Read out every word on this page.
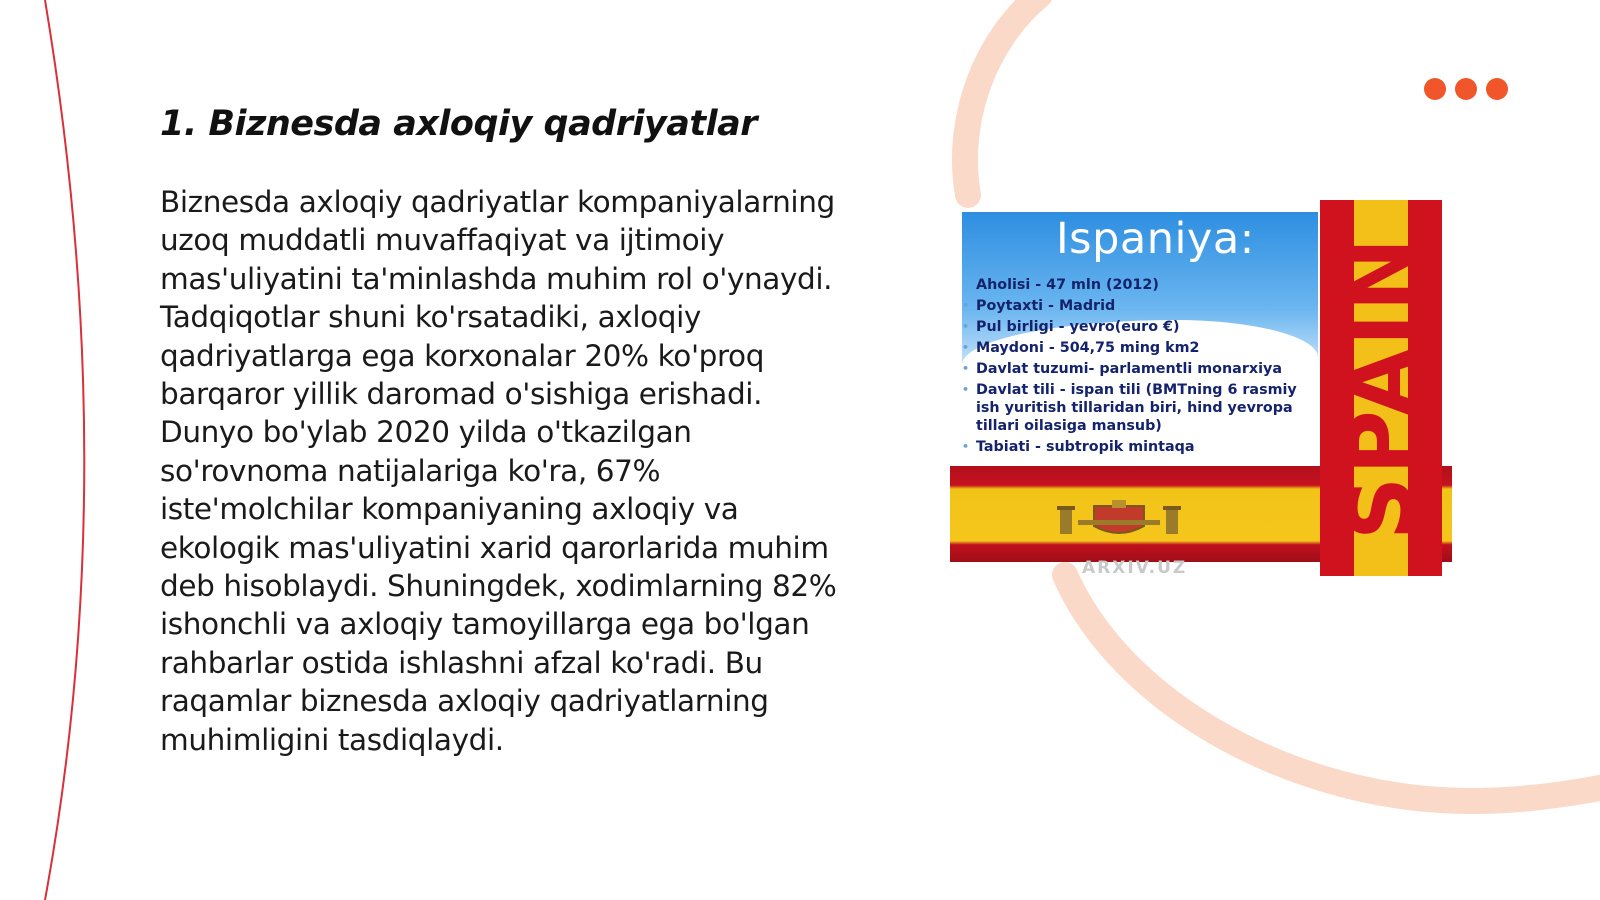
1. Biznesda axloqiy qadriyatlar

Biznesda axloqiy qadriyatlar kompaniyalarning uzoq muddatli muvaffaqiyat va ijtimoiy mas'uliyatini ta'minlashda muhim rol o'ynaydi. Tadqiqotlar shuni ko'rsatadiki, axloqiy qadriyatlarga ega korxonalar 20% ko'proq barqaror yillik daromad o'sishiga erishadi. Dunyo bo'ylab 2020 yilda o'tkazilgan so'rovnoma natijalariga ko'ra, 67% iste'molchilar kompaniyaning axloqiy va ekologik mas'uliyatini xarid qarorlarida muhim deb hisoblaydi. Shuningdek, xodimlarning 82% ishonchli va axloqiy tamoyillarga ega bo'lgan rahbarlar ostida ishlashni afzal ko'radi. Bu raqamlar biznesda axloqiy qadriyatlarning muhimligini tasdiqlaydi.

Ispaniya:
Aholisi - 47 mln (2012)
• Poytaxti - Madrid
• Pul birligi - yevro(euro €)
• Maydoni - 504,75 ming km2
• Davlat tuzumi- parlamentli monarxiya
• Davlat tili - ispan tili (BMTning 6 rasmiy ish yuritish tillaridan biri, hind yevropa tillari oilasiga mansub)
• Tabiati - subtropik mintaqa	SPAIN
ARXIV.UZ
